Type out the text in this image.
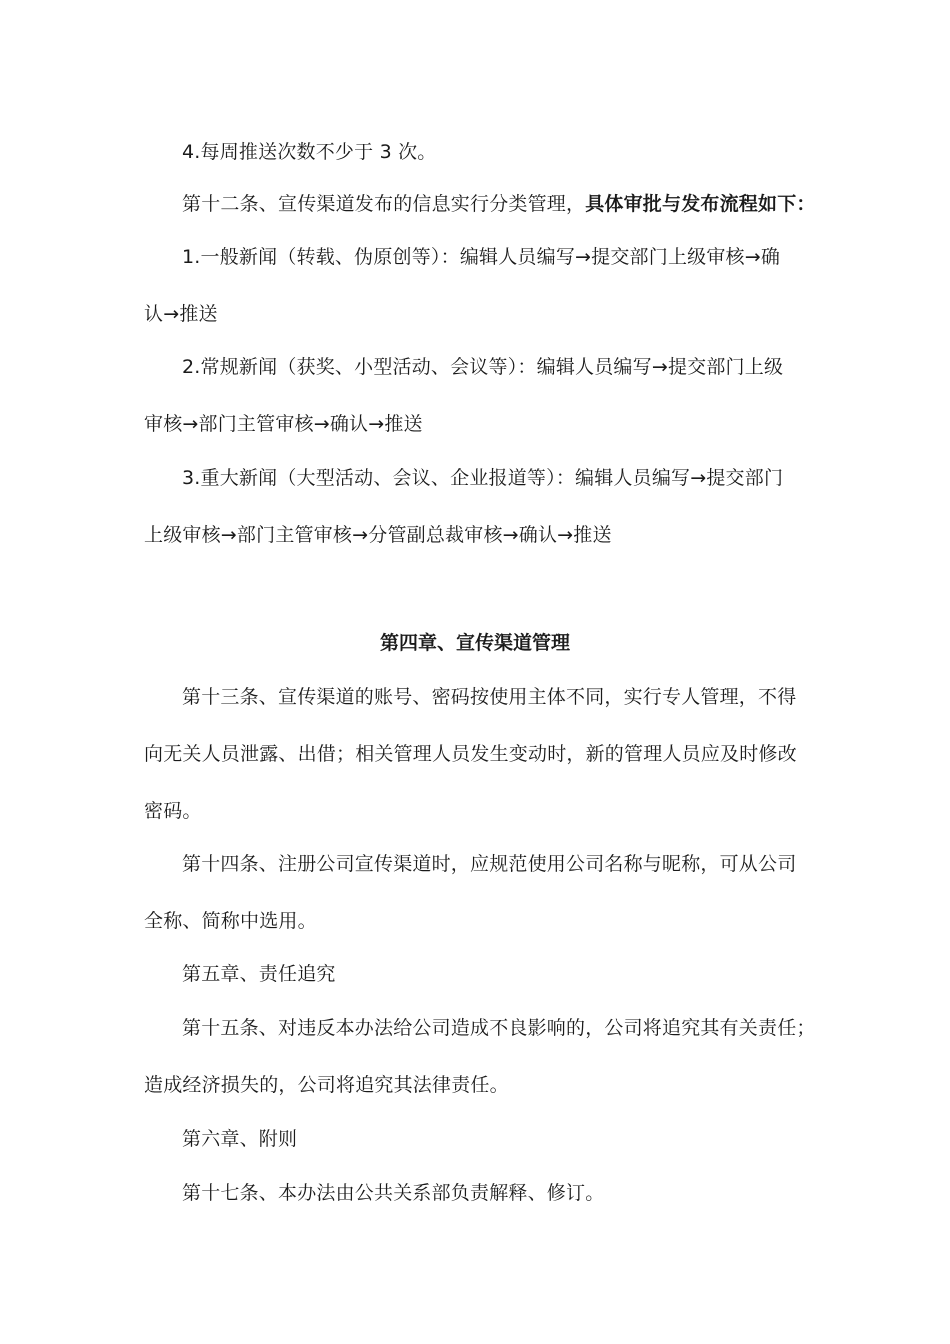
4.每周推送次数不少于 3 次。
第十二条、宣传渠道发布的信息实行分类管理，具体审批与发布流程如下：
1.一般新闻（转载、伪原创等）：编辑人员编写→提交部门上级审核→确
认→推送
2.常规新闻（获奖、小型活动、会议等）：编辑人员编写→提交部门上级
审核→部门主管审核→确认→推送
3.重大新闻（大型活动、会议、企业报道等）：编辑人员编写→提交部门
上级审核→部门主管审核→分管副总裁审核→确认→推送
第四章、宣传渠道管理
第十三条、宣传渠道的账号、密码按使用主体不同，实行专人管理，不得
向无关人员泄露、出借；相关管理人员发生变动时，新的管理人员应及时修改
密码。
第十四条、注册公司宣传渠道时，应规范使用公司名称与昵称，可从公司
全称、简称中选用。
第五章、责任追究
第十五条、对违反本办法给公司造成不良影响的，公司将追究其有关责任；
造成经济损失的，公司将追究其法律责任。
第六章、附则
第十七条、本办法由公共关系部负责解释、修订。
